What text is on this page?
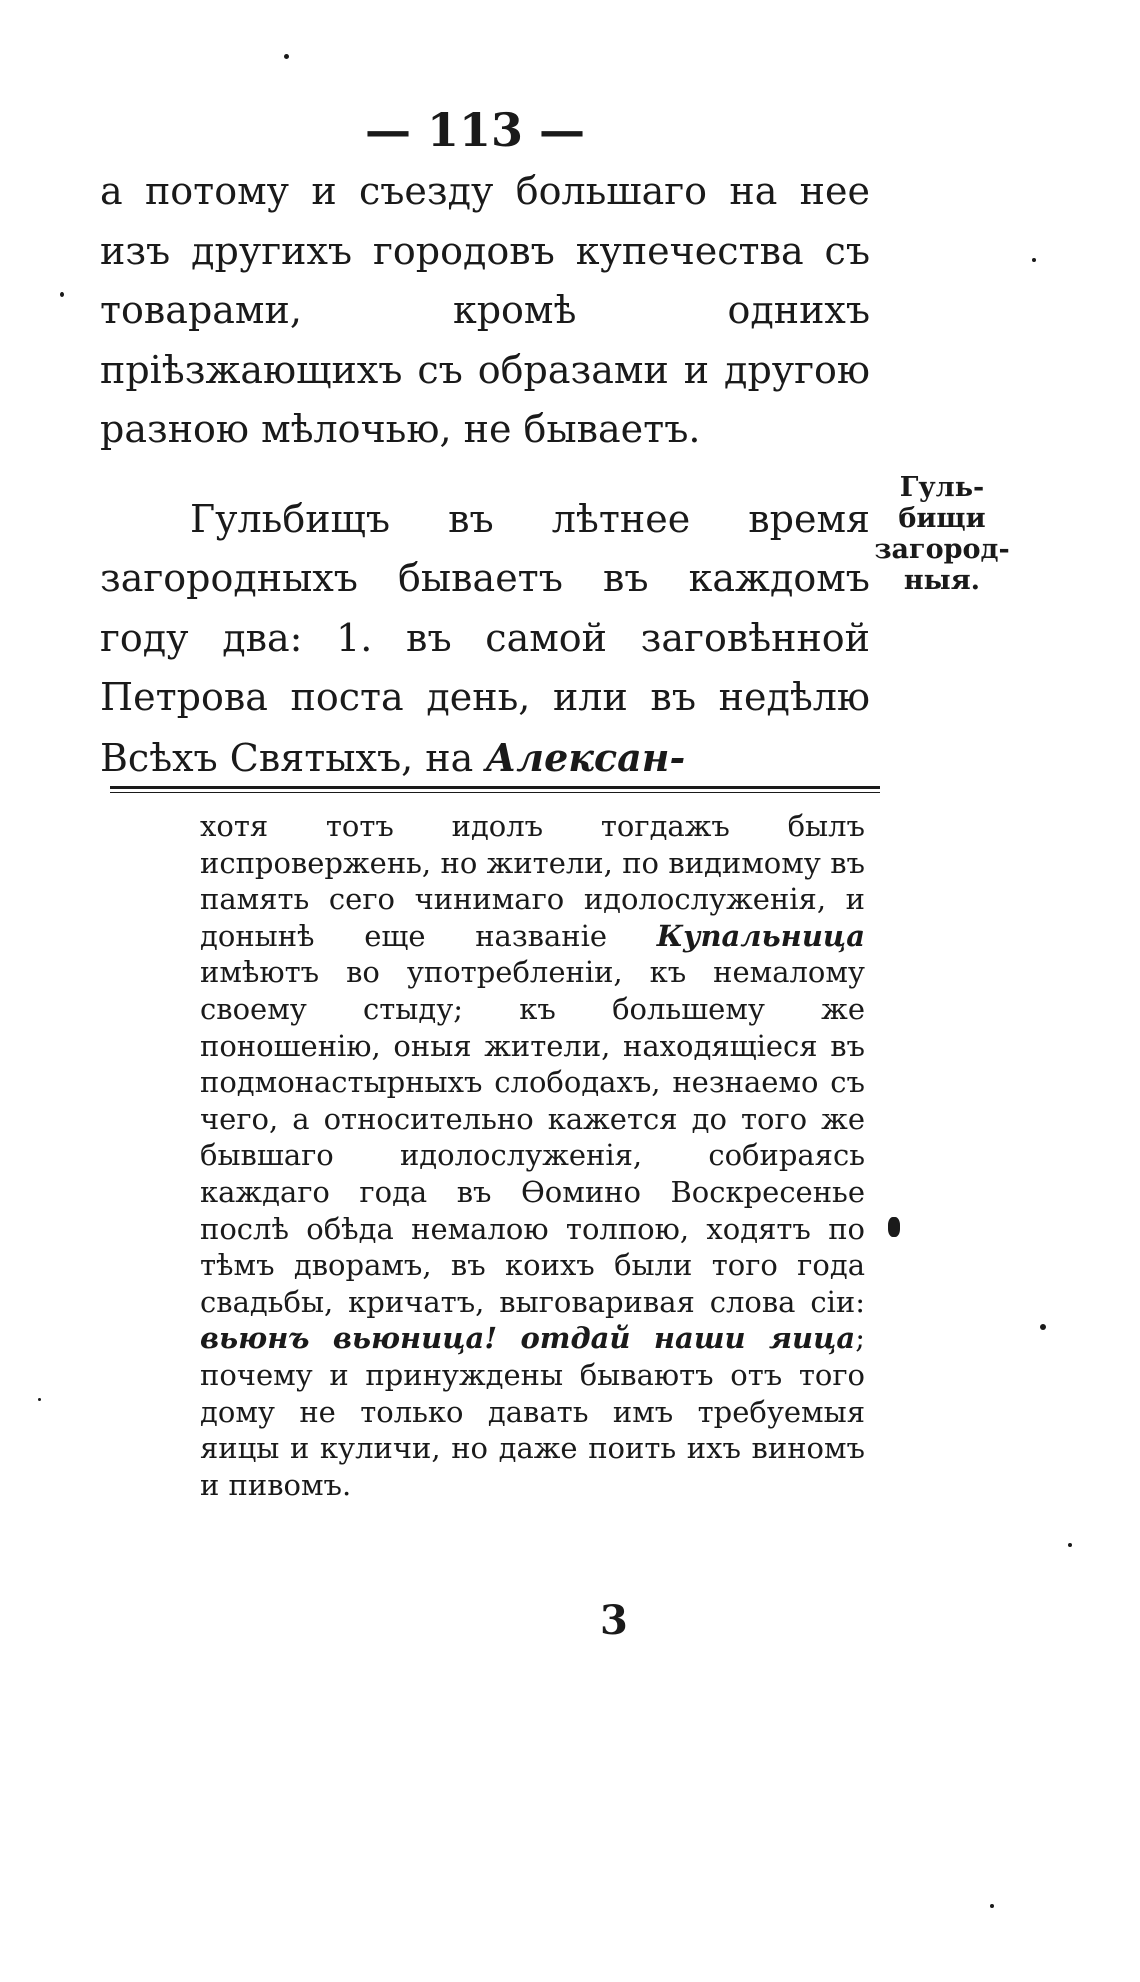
— 113 —

а потому и съезду большаго на нее изъ другихъ городовъ купечества съ товарами, кромѣ однихъ пріѣзжающихъ съ образами и другою разною мѣлочью, не бываетъ.

Гульбищъ въ лѣтнее время загородныхъ бываетъ въ каждомъ году два: 1. въ самой заговѣнной Петрова поста день, или въ недѣлю Всѣхъ Святыхъ, на Алексан-

Гуль-
бищи
загород-
ныя.

хотя тотъ идолъ тогдажъ былъ испровержень, но жители, по видимому въ память сего чинимаго идолослуженія, и донынѣ еще названіе Купальница имѣютъ во употребленіи, къ немалому своему стыду; къ большему же поношенію, оныя жители, находящіеся въ подмонастырныхъ слободахъ, незнаемо съ чего, а относительно кажется до того же бывшаго идолослуженія, собираясь каждаго года въ Ѳомино Воскресенье послѣ обѣда немалою толпою, ходятъ по тѣмъ дворамъ, въ коихъ были того года свадьбы, кричатъ, выговаривая слова сіи: вьюнъ вьюница! отдай наши яица; почему и принуждены бываютъ отъ того дому не только давать имъ требуемыя яицы и куличи, но даже поить ихъ виномъ и пивомъ.

3
